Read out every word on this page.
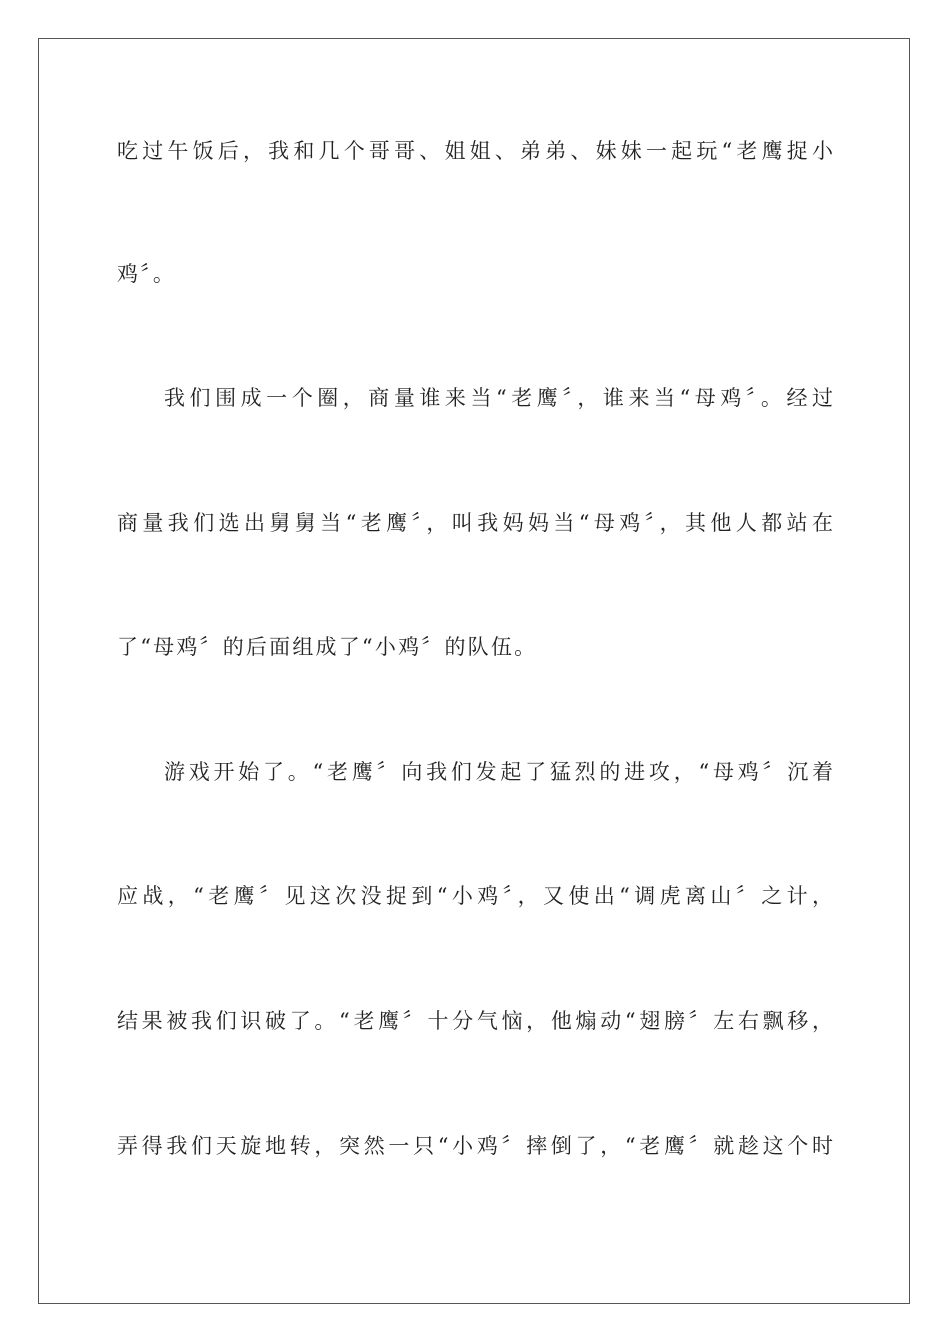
吃过午饭后，我和几个哥哥、姐姐、弟弟、妹妹一起玩“老鹰捉小
鸡〞。
我们围成一个圈，商量谁来当“老鹰〞，谁来当“母鸡〞。经过
商量我们选出舅舅当“老鹰〞，叫我妈妈当“母鸡〞，其他人都站在
了“母鸡〞的后面组成了“小鸡〞的队伍。
游戏开始了。“老鹰〞向我们发起了猛烈的进攻，“母鸡〞沉着
应战，“老鹰〞见这次没捉到“小鸡〞，又使出“调虎离山〞之计，
结果被我们识破了。“老鹰〞十分气恼，他煽动“翅膀〞左右飘移，
弄得我们天旋地转，突然一只“小鸡〞摔倒了，“老鹰〞就趁这个时
